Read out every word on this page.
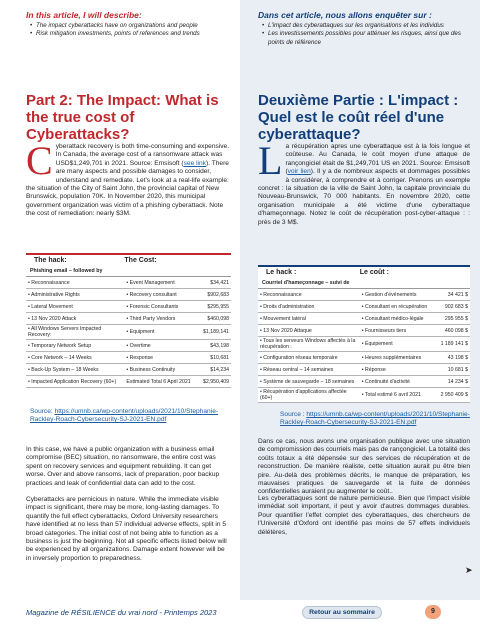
In this article, I will describe:
• The impact cyberattacks have on organizations and people
• Risk mitigation investments, points of references and trends
Part 2: The Impact: What is the true cost of Cyberattacks?
C yberattack recovery is both time-consuming and expensive. In Canada, the average cost of a ransomware attack was USD$1,249,701 in 2021. Source: Emsisoft (see link). There are many aspects and possible damages to consider, understand and remediate. Let's look at a real-life example: the situation of the City of Saint John, the provincial capital of New Brunswick, population 70K. In November 2020, this municipal government organization was victim of a phishing cyberattack. Note the cost of remediation: nearly $3M.
The hack:	The Cost:
Phishing email – followed by
• Reconnaissance	• Event Management	$34,421
• Administrative Rights	• Recovery consultant	$902,683
• Lateral Movement	• Forensic Consultants	$295,955
• 13 Nov 2020 Attack	• Third Party Vendors	$460,098
• All Windows Servers Impacted Recovery:	• Equipment	$1,189,141
• Temporary Network Setup	• Overtime	$43,198
• Core Network – 14 Weeks	• Response	$10,681
• Back-Up System – 18 Weeks	• Business Continuity	$14,234
• Impacted Application Recovery (60+)	Estimated Total 6 April 2021	$2,950,409
Source: https://umnb.ca/wp-content/uploads/2021/10/Stephanie-Rackley-Roach-Cybersecurity-SJ-2021-EN.pdf
In this case, we have a public organization with a business email compromise (BEC) situation, no ransomware, the entire cost was spent on recovery services and equipment rebuilding. It can get worse. Over and above ransoms, lack of preparation, poor backup practices and leak of confidential data can add to the cost.
Cyberattacks are pernicious in nature. While the immediate visible impact is significant, there may be more, long-lasting damages. To quantify the full effect cyberattacks, Oxford University researchers have identified at no less than 57 individual adverse effects, split in 5 broad categories. The initial cost of not being able to function as a business is just the beginning. Not all specific effects listed below will be experienced by all organizations. Damage extent however will be in inversely proportion to preparedness.
Dans cet article, nous allons enquêter sur :
• L'impact des cyberattaques sur les organisations et les individus
• Les investissements possibles pour atténuer les risques, ainsi que des points de référence
Deuxième Partie : L'impact : Quel est le coût réel d'une cyberattaque?
L a récupération apres une cyberattaque est à la fois longue et coûteuse. Au Canada, le coût moyen d'une attaque de rançongiciel était de $1,249,701 US en 2021. Source: Emsisoft (voir lien). Il y a de nombreux aspects et dommages possibles à considérer, à comprendre et à corriger. Prenons un exemple concret : la situation de la ville de Saint John, la capitale provinciale du Nouveau-Brunswick, 70 000 habitants. En novembre 2020, cette organisation municipale a été victime d'une cyberattaque d'hameçonnage. Notez le coût de récupération post-cyber-attaque : : près de 3 M$.
Le hack :	Le coût :
Courriel d'hameçonnage – suivi de
• Reconnaissance	• Gestion d'événements	34 421 $
• Droits d'administration	• Consultant en récupération	902 683 $
• Mouvement latéral	• Consultant médico-légale	295 955 $
• 13 Nov 2020 Attaque	• Fournisseurs tiers	460 098 $
• Tous les serveurs Windows affectés à la récupération :	• Équipement	1 189 141 $
• Configuration réseau temporaire	• Heures supplémentaires	43 198 $
• Réseau central – 14 semaines	• Réponse	10 681 $
• Système de sauvegarde – 18 semaines	• Continuité d'activité	14 234 $
• Récupération d'applications affectée (60+)	• Total estimé 6 avril 2021	2 950 409 $
Source : https://umnb.ca/wp-content/uploads/2021/10/Stephanie-Rackley-Roach-Cybersecurity-SJ-2021-EN.pdf
Dans ce cas, nous avons une organisation publique avec une situation de compromission des courriels mais pas de rançongiciel. La totalité des coûts totaux a été dépensée sur des services de récupération et de reconstruction. De manière réaliste, cette situation aurait pu être bien pire. Au-delà des problèmes décrits, le manque de préparation, les mauvaises pratiques de sauvegarde et la fuite de données confidentielles auraient pu augmenter le coût..
Les cyberattaques sont de nature pernicieuse. Bien que l'impact visible immédiat soit important, il peut y avoir d'autres dommages durables. Pour quantifier l'effet complet des cyberattaques, des chercheurs de l'Université d'Oxford ont identifié pas moins de 57 effets individuels délétères,
➤
Magazine de RÉSILIENCE du vrai nord - Printemps 2023	Retour au sommaire	9
